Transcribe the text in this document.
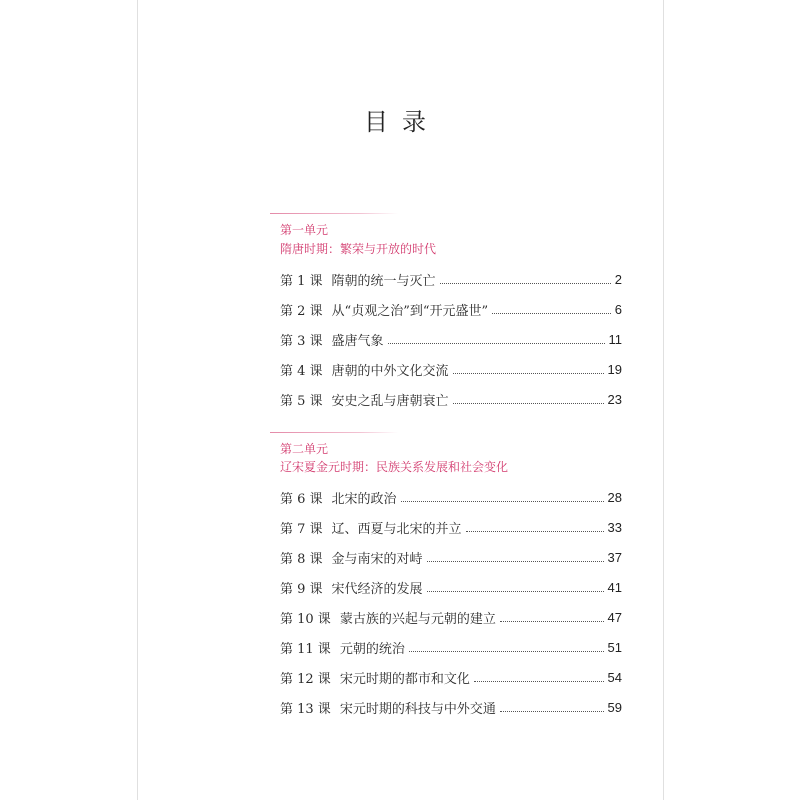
目录
第一单元
隋唐时期：繁荣与开放的时代
第 1 课 隋朝的统一与灭亡	2
第 2 课 从“贞观之治”到“开元盛世”	6
第 3 课 盛唐气象	11
第 4 课 唐朝的中外文化交流	19
第 5 课 安史之乱与唐朝衰亡	23
第二单元
辽宋夏金元时期：民族关系发展和社会变化
第 6 课 北宋的政治	28
第 7 课 辽、西夏与北宋的并立	33
第 8 课 金与南宋的对峙	37
第 9 课 宋代经济的发展	41
第 10 课 蒙古族的兴起与元朝的建立	47
第 11 课 元朝的统治	51
第 12 课 宋元时期的都市和文化	54
第 13 课 宋元时期的科技与中外交通	59
